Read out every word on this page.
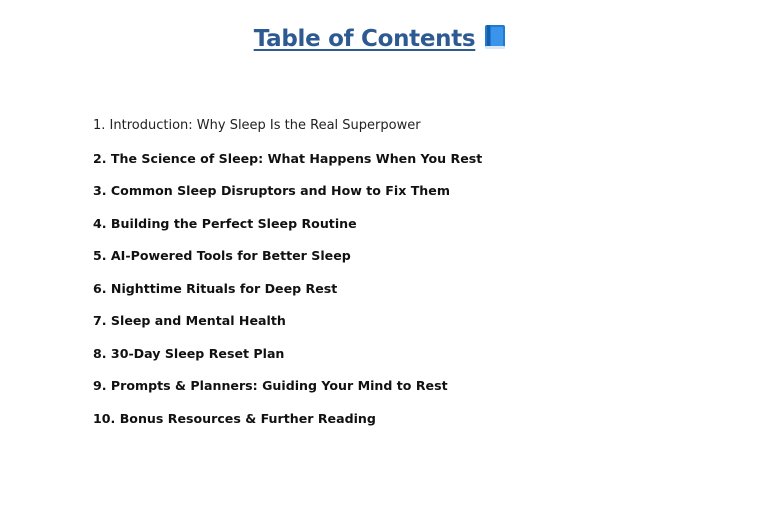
Table of Contents
1. Introduction: Why Sleep Is the Real Superpower
2. The Science of Sleep: What Happens When You Rest
3. Common Sleep Disruptors and How to Fix Them
4. Building the Perfect Sleep Routine
5. AI-Powered Tools for Better Sleep
6. Nighttime Rituals for Deep Rest
7. Sleep and Mental Health
8. 30-Day Sleep Reset Plan
9. Prompts & Planners: Guiding Your Mind to Rest
10. Bonus Resources & Further Reading
